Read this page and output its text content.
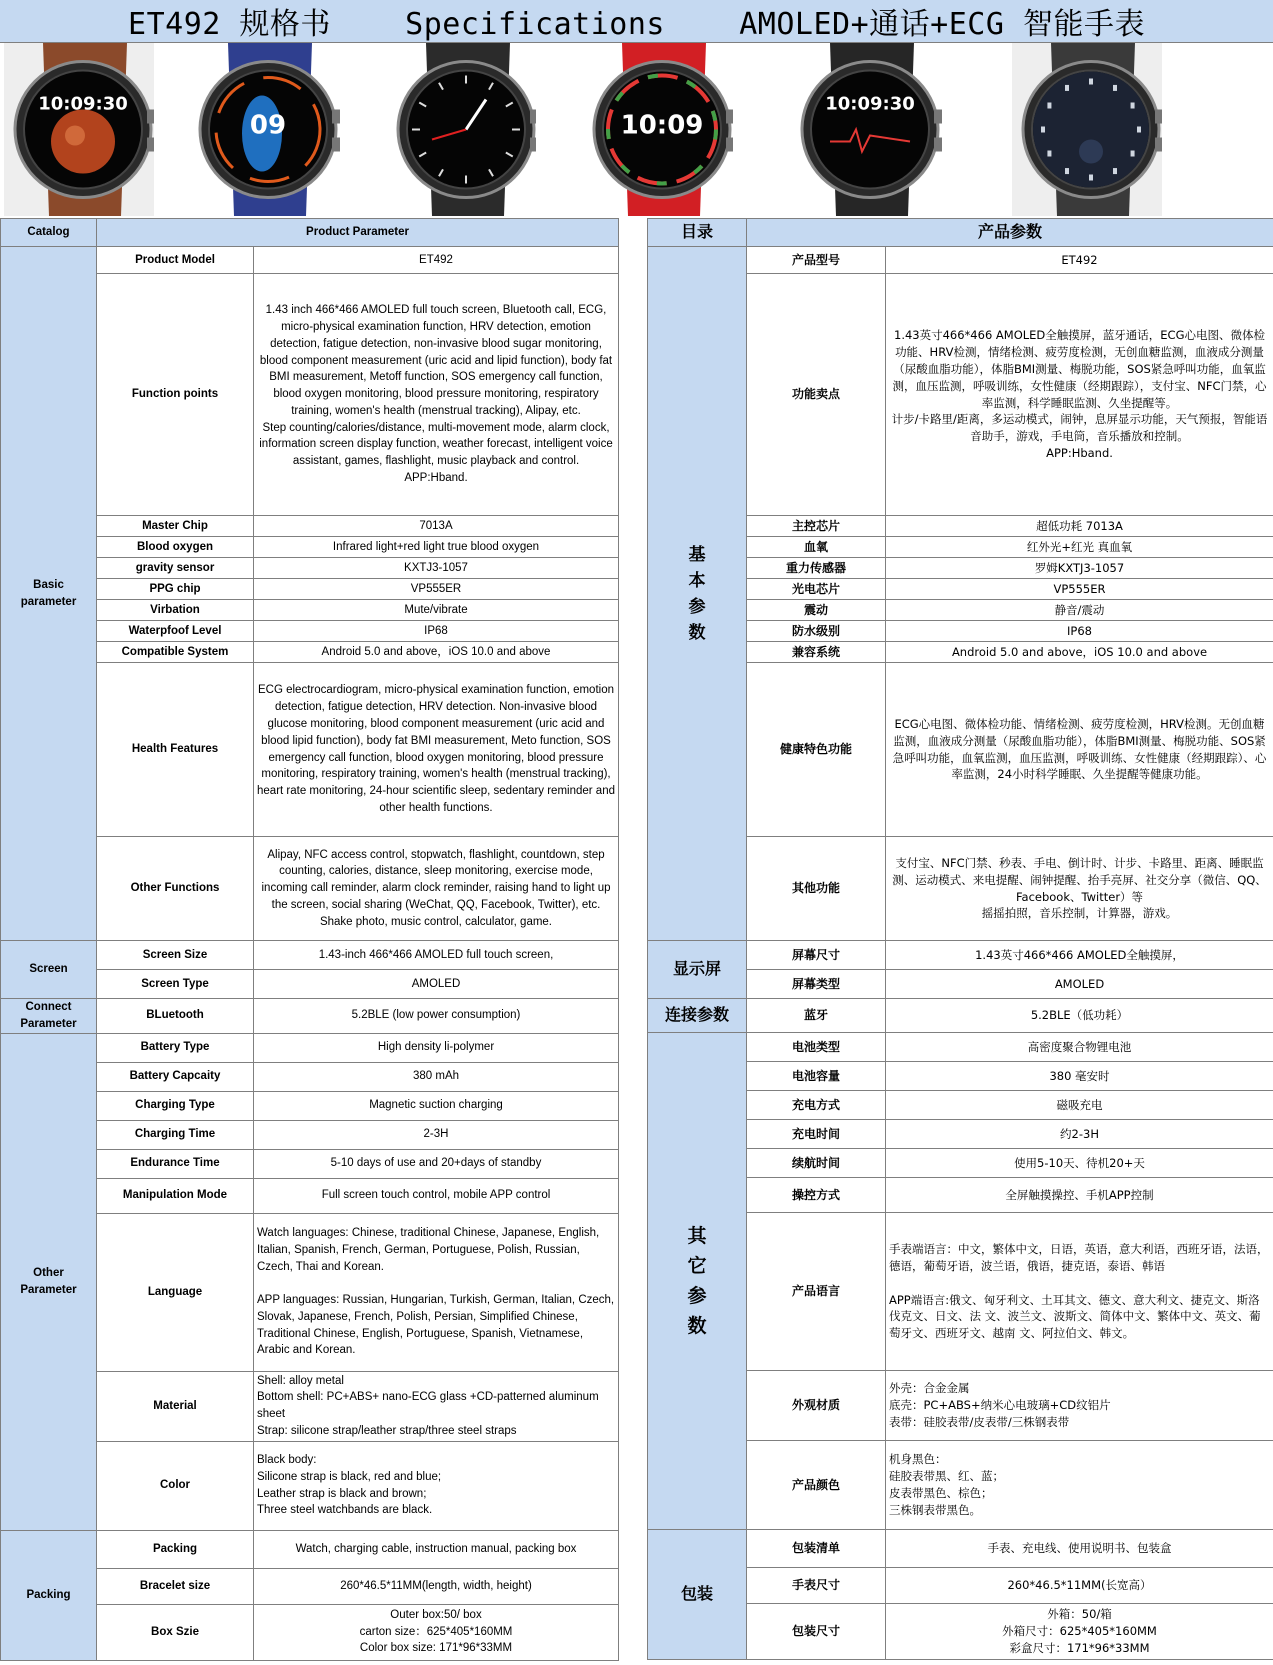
ET492 规格书    Specifications    AMOLED+通话+ECG 智能手表
10:09:30
09	10:09
10:09:30
Catalog	Product Parameter	
Basic parameter	Product Model	ET492
	Function points	1.43 inch 466*466 AMOLED full touch screen, Bluetooth call, ECG, micro-physical examination function, HRV detection, emotion detection, fatigue detection, non-invasive blood sugar monitoring, blood component measurement (uric acid and lipid function), body fat BMI measurement, Metoff function, SOS emergency call function, blood oxygen monitoring, blood pressure monitoring, respiratory training, women's health (menstrual tracking), Alipay, etc.
Step counting/calories/distance, multi-movement mode, alarm clock, information screen display function, weather forecast, intelligent voice assistant, games, flashlight, music playback and control.
APP:Hband.
	Master Chip	7013A
	Blood oxygen	Infrared light+red light true blood oxygen
	gravity sensor	KXTJ3-1057
	PPG chip	VP555ER
	Virbation	Mute/vibrate
	Waterpfoof Level	IP68
	Compatible System	Android 5.0 and above，iOS 10.0 and above
	Health Features	ECG electrocardiogram, micro-physical examination function, emotion detection, fatigue detection, HRV detection. Non-invasive blood glucose monitoring, blood component measurement (uric acid and blood lipid function), body fat BMI measurement, Meto function, SOS emergency call function, blood oxygen monitoring, blood pressure monitoring, respiratory training, women's health (menstrual tracking), heart rate monitoring, 24-hour scientific sleep, sedentary reminder and other health functions.
	Other Functions	Alipay, NFC access control, stopwatch, flashlight, countdown, step counting, calories, distance, sleep monitoring, exercise mode, incoming call reminder, alarm clock reminder, raising hand to light up the screen, social sharing (WeChat, QQ, Facebook, Twitter), etc.
Shake photo, music control, calculator, game.
Screen	Screen Size	1.43-inch 466*466 AMOLED full touch screen,
	Screen Type	AMOLED
Connect Parameter	BLuetooth	5.2BLE (low power consumption)
Other Parameter	Battery Type	High density li-polymer
	Battery Capcaity	380 mAh
	Charging Type	Magnetic suction charging
	Charging Time	2-3H
	Endurance Time	5-10 days of use and 20+days of standby
	Manipulation Mode	Full screen touch control, mobile APP control
	Language	Watch languages: Chinese, traditional Chinese, Japanese, English, Italian, Spanish, French, German, Portuguese, Polish, Russian, Czech, Thai and Korean.

APP languages: Russian, Hungarian, Turkish, German, Italian, Czech, Slovak, Japanese, French, Polish, Persian, Simplified Chinese, Traditional Chinese, English, Portuguese, Spanish, Vietnamese, Arabic and Korean.
	Material	Shell: alloy metal
Bottom shell: PC+ABS+ nano-ECG glass +CD-patterned aluminum sheet
Strap: silicone strap/leather strap/three steel straps
	Color	Black body:
Silicone strap is black, red and blue;
Leather strap is black and brown;
Three steel watchbands are black.
Packing	Packing	Watch, charging cable, instruction manual, packing box
	Bracelet size	260*46.5*11MM(length, width, height)
	Box Szie	Outer box:50/ box
carton size：625*405*160MM
Color box size: 171*96*33MM
目录	产品参数	
基
本
参
数	产品型号	ET492
	功能卖点	1.43英寸466*466 AMOLED全触摸屏，蓝牙通话，ECG心电图、微体检功能、HRV检测，情绪检测、疲劳度检测，无创血糖监测，血液成分测量（尿酸血脂功能），体脂BMI测量、梅脱功能，SOS紧急呼叫功能，血氧监测，血压监测，呼吸训练，女性健康（经期跟踪），支付宝、NFC门禁，心率监测，科学睡眠监测、久坐提醒等。
计步/卡路里/距离，多运动模式，闹钟，息屏显示功能，天气预报，智能语音助手，游戏，手电筒，音乐播放和控制。
APP:Hband.
	主控芯片	超低功耗 7013A
	血氧	红外光+红光 真血氧
	重力传感器	罗姆KXTJ3-1057
	光电芯片	VP555ER
	震动	静音/震动
	防水级别	IP68
	兼容系统	Android 5.0 and above，iOS 10.0 and above
	健康特色功能	ECG心电图、微体检功能、情绪检测、疲劳度检测，HRV检测。无创血糖监测，血液成分测量（尿酸血脂功能），体脂BMI测量、梅脱功能、SOS紧急呼叫功能，血氧监测，血压监测，呼吸训练、女性健康（经期跟踪）、心率监测，24小时科学睡眠、久坐提醒等健康功能。
	其他功能	支付宝、NFC门禁、秒表、手电、倒计时、计步、卡路里、距离、睡眠监测、运动模式、来电提醒、闹钟提醒、抬手亮屏、社交分享（微信、QQ、Facebook、Twitter）等
摇摇拍照，音乐控制，计算器，游戏。
显示屏	屏幕尺寸	1.43英寸466*466 AMOLED全触摸屏，
	屏幕类型	AMOLED
连接参数	蓝牙	5.2BLE（低功耗）
其
它
参
数	电池类型	高密度聚合物锂电池
	电池容量	380 毫安时
	充电方式	磁吸充电
	充电时间	约2-3H
	续航时间	使用5-10天、待机20+天
	操控方式	全屏触摸操控、手机APP控制
	产品语言	手表端语言：中文，繁体中文，日语，英语，意大利语，西班牙语，法语，德语，葡萄牙语，波兰语，俄语，捷克语，泰语、韩语

APP端语言:俄文、匈牙利文、土耳其文、德文、意大利文、捷克文、斯洛伐克文、日文、法 文、波兰文、波斯文、简体中文、繁体中文、英文、葡萄牙文、西班牙文、越南 文、阿拉伯文、韩文。
	外观材质	外壳：合金金属
底壳：PC+ABS+纳米心电玻璃+CD纹铝片
表带：硅胶表带/皮表带/三株钢表带
	产品颜色	机身黑色：
硅胶表带黑、红、蓝；
皮表带黑色、棕色；
三株钢表带黑色。
包装	包装清单	手表、充电线、使用说明书、包装盒
	手表尺寸	260*46.5*11MM(长宽高）
	包装尺寸	外箱：50/箱
外箱尺寸：625*405*160MM
彩盒尺寸：171*96*33MM
